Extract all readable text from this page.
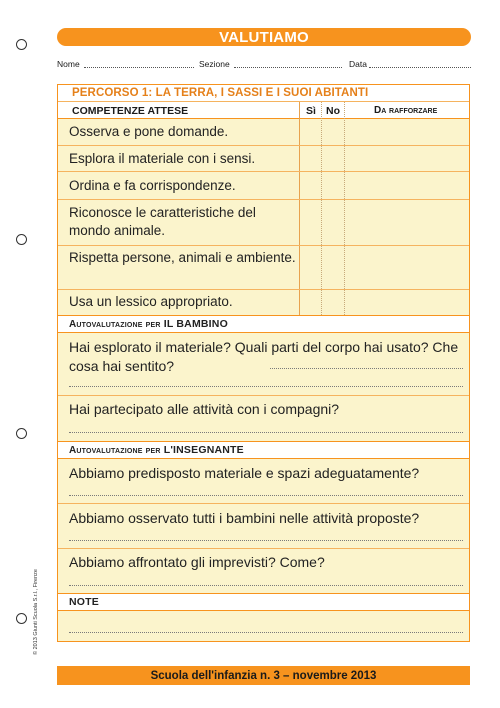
VALUTIAMO
Nome	Sezione	Data
PERCORSO 1: LA TERRA, I SASSI E I SUOI ABITANTI
COMPETENZE ATTESE	Sì No	Da rafforzare
Osserva e pone domande.
Esplora il materiale con i sensi.
Ordina e fa corrispondenze.
Riconosce le caratteristiche del mondo animale.
Rispetta persone, animali e ambiente.
Usa un lessico appropriato.
Autovalutazione per IL BAMBINO
Hai esplorato il materiale? Quali parti del corpo hai usato? Che cosa hai sentito?
Hai partecipato alle attività con i compagni?
Autovalutazione per L'INSEGNANTE
Abbiamo predisposto materiale e spazi adeguatamente?
Abbiamo osservato tutti i bambini nelle attività proposte?
Abbiamo affrontato gli imprevisti? Come?
NOTE
© 2013 Giunti Scuola S.r.l., Firenze
Scuola dell'infanzia n. 3 – novembre 2013
